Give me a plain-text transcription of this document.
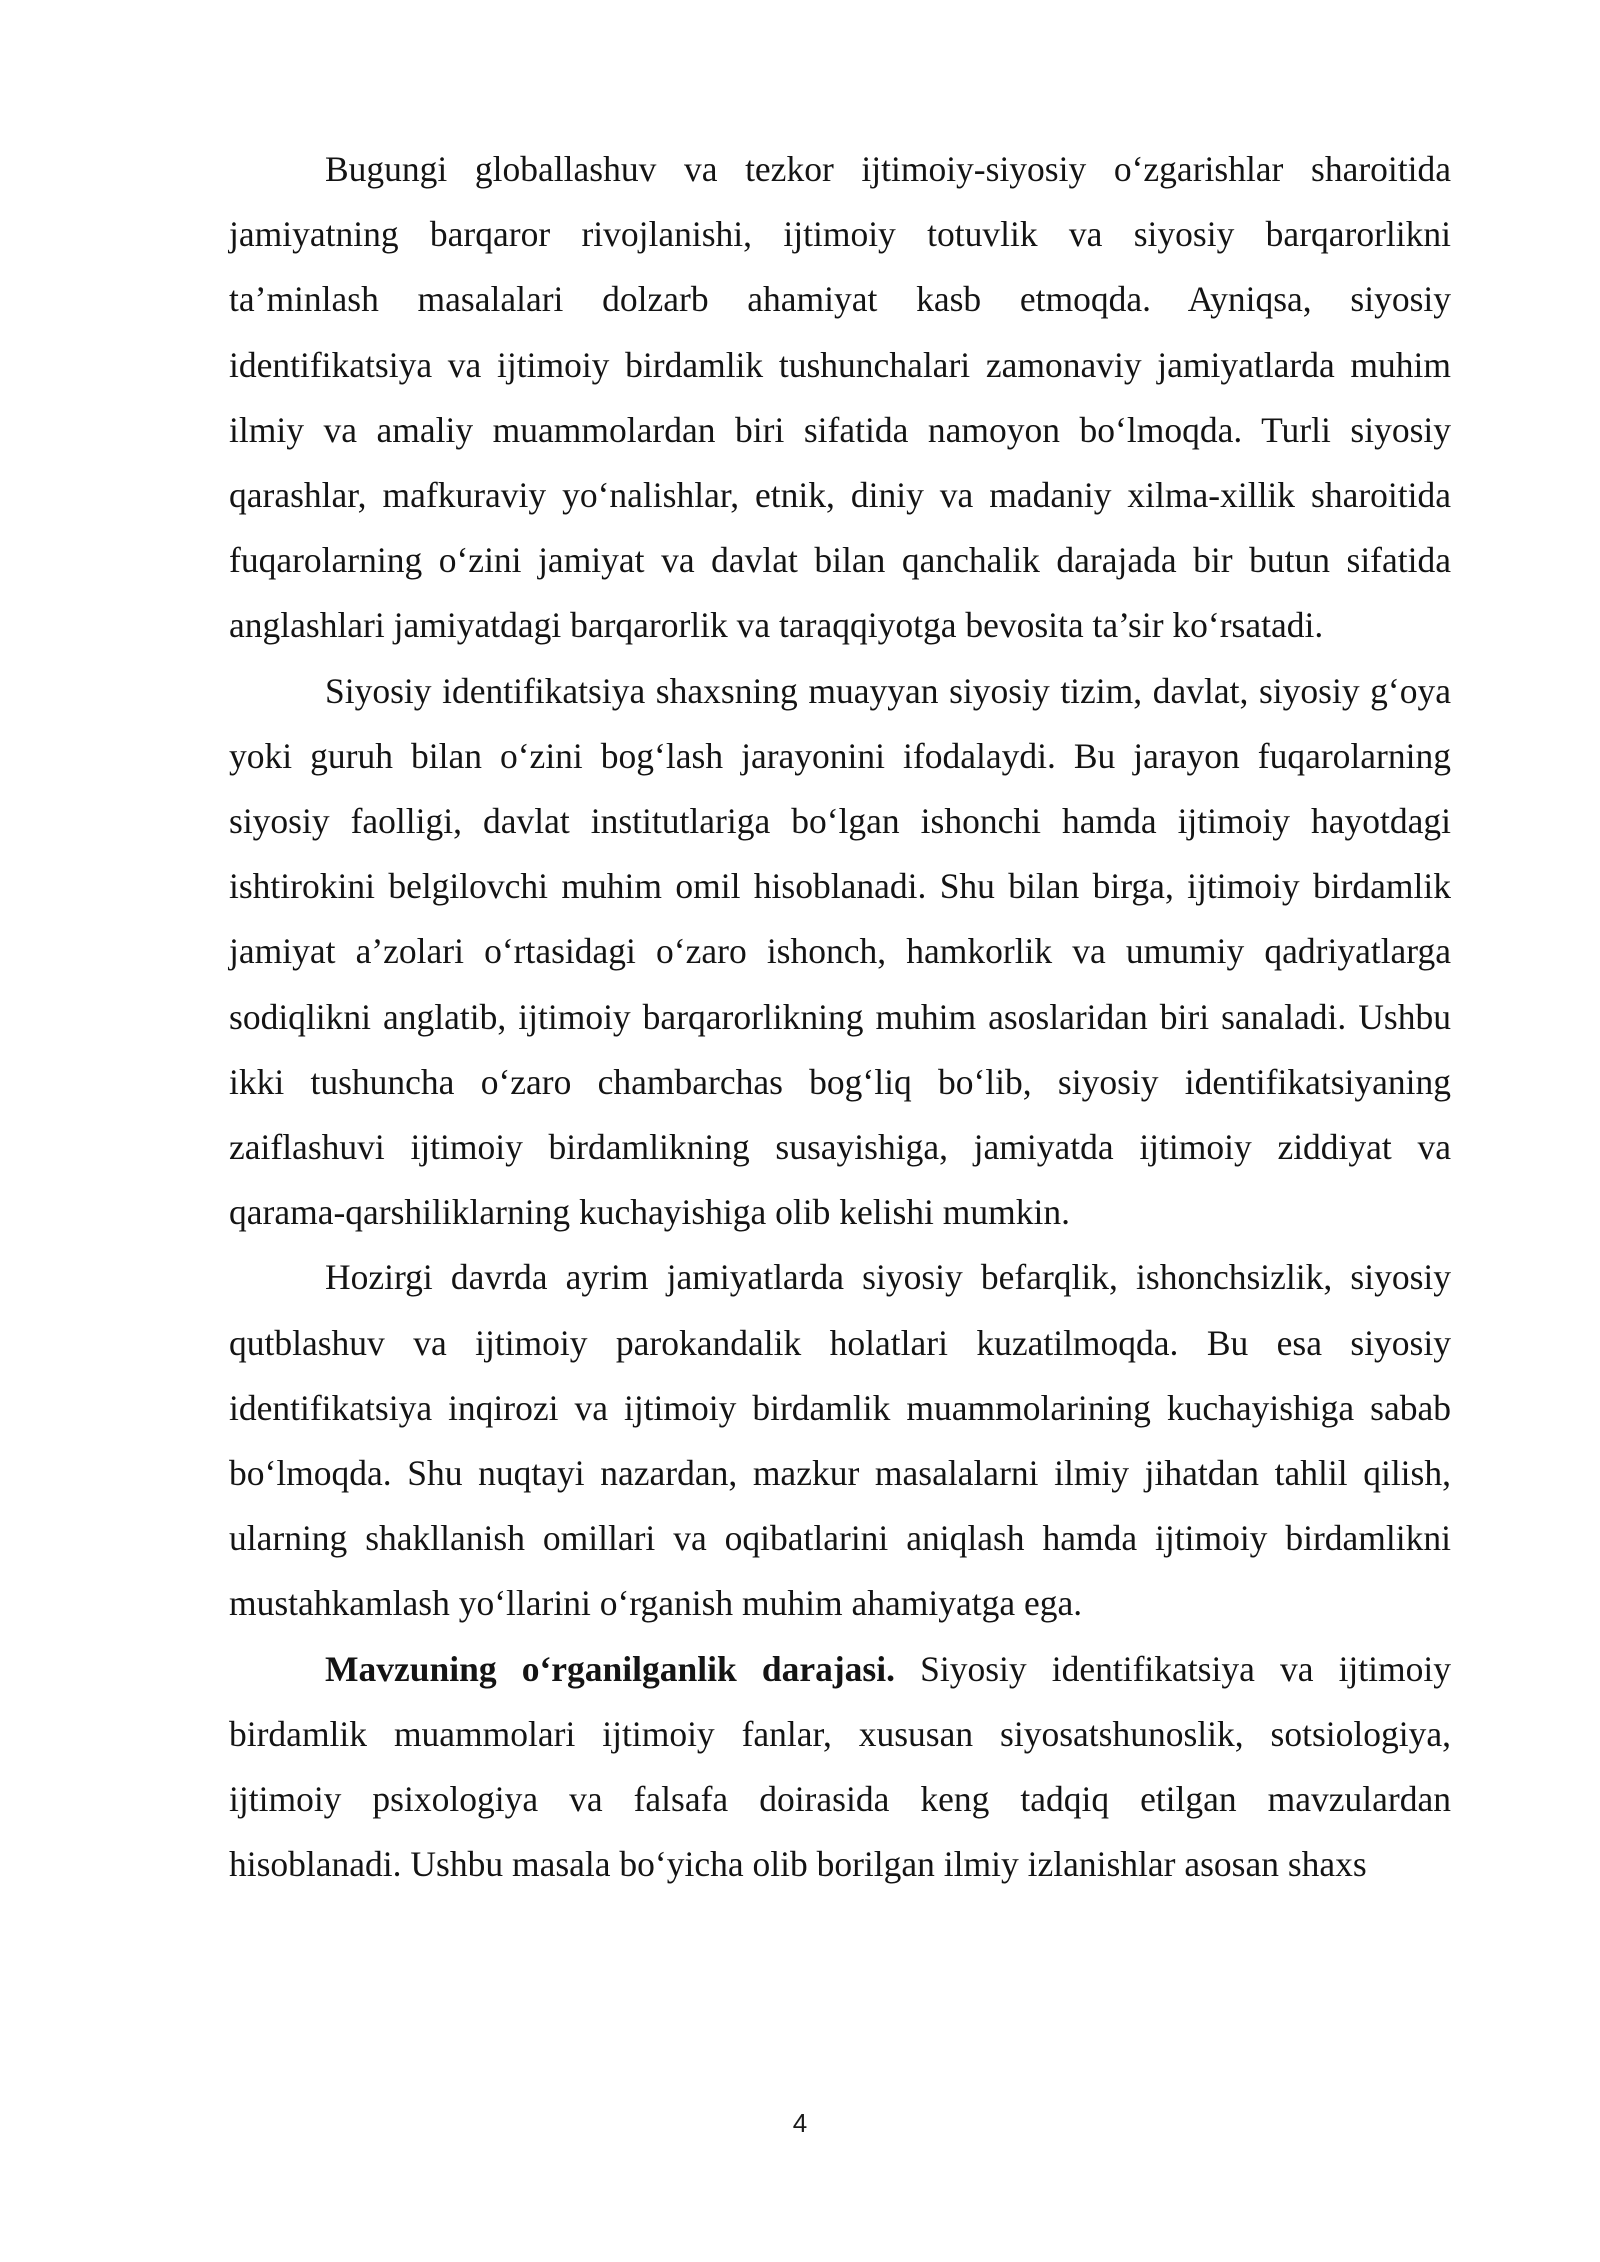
Bugungi globallashuv va tezkor ijtimoiy-siyosiy o‘zgarishlar sharoitida jamiyatning barqaror rivojlanishi, ijtimoiy totuvlik va siyosiy barqarorlikni ta’minlash masalalari dolzarb ahamiyat kasb etmoqda. Ayniqsa, siyosiy identifikatsiya va ijtimoiy birdamlik tushunchalari zamonaviy jamiyatlarda muhim ilmiy va amaliy muammolardan biri sifatida namoyon bo‘lmoqda. Turli siyosiy qarashlar, mafkuraviy yo‘nalishlar, etnik, diniy va madaniy xilma-xillik sharoitida fuqarolarning o‘zini jamiyat va davlat bilan qanchalik darajada bir butun sifatida anglashlari jamiyatdagi barqarorlik va taraqqiyotga bevosita ta’sir ko‘rsatadi.

Siyosiy identifikatsiya shaxsning muayyan siyosiy tizim, davlat, siyosiy g‘oya yoki guruh bilan o‘zini bog‘lash jarayonini ifodalaydi. Bu jarayon fuqarolarning siyosiy faolligi, davlat institutlariga bo‘lgan ishonchi hamda ijtimoiy hayotdagi ishtirokini belgilovchi muhim omil hisoblanadi. Shu bilan birga, ijtimoiy birdamlik jamiyat a’zolari o‘rtasidagi o‘zaro ishonch, hamkorlik va umumiy qadriyatlarga sodiqlikni anglatib, ijtimoiy barqarorlikning muhim asoslaridan biri sanaladi. Ushbu ikki tushuncha o‘zaro chambarchas bog‘liq bo‘lib, siyosiy identifikatsiyaning zaiflashuvi ijtimoiy birdamlikning susayishiga, jamiyatda ijtimoiy ziddiyat va qarama-qarshiliklarning kuchayishiga olib kelishi mumkin.

Hozirgi davrda ayrim jamiyatlarda siyosiy befarqlik, ishonchsizlik, siyosiy qutblashuv va ijtimoiy parokandalik holatlari kuzatilmoqda. Bu esa siyosiy identifikatsiya inqirozi va ijtimoiy birdamlik muammolarining kuchayishiga sabab bo‘lmoqda. Shu nuqtayi nazardan, mazkur masalalarni ilmiy jihatdan tahlil qilish, ularning shakllanish omillari va oqibatlarini aniqlash hamda ijtimoiy birdamlikni mustahkamlash yo‘llarini o‘rganish muhim ahamiyatga ega.

Mavzuning o‘rganilganlik darajasi. Siyosiy identifikatsiya va ijtimoiy birdamlik muammolari ijtimoiy fanlar, xususan siyosatshunoslik, sotsiologiya, ijtimoiy psixologiya va falsafa doirasida keng tadqiq etilgan mavzulardan hisoblanadi. Ushbu masala bo‘yicha olib borilgan ilmiy izlanishlar asosan shaxs

4
